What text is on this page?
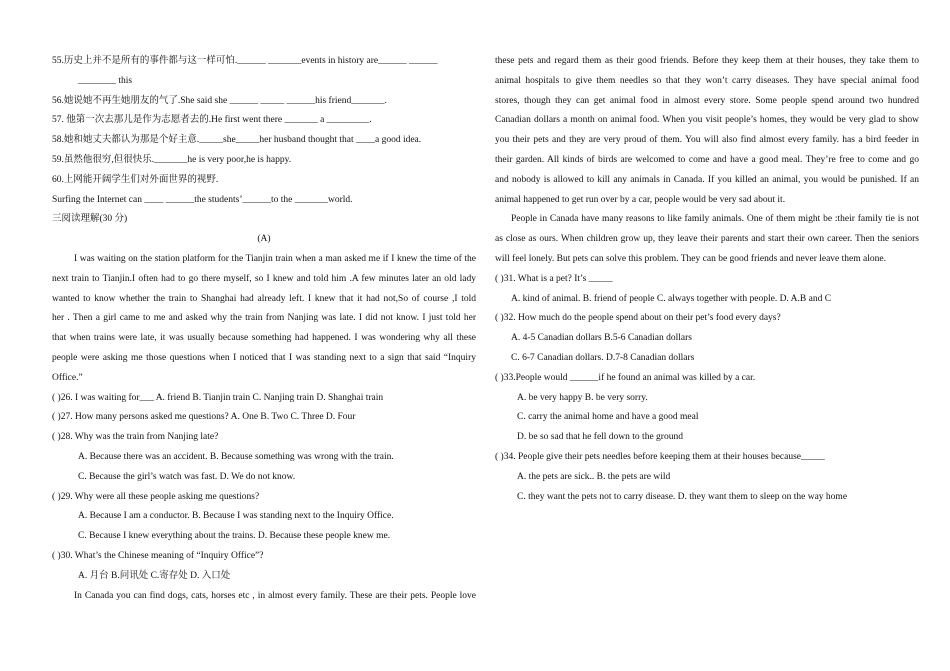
55.历史上并不是所有的事件都与这一样可怕.______ _______events in history are______ ______
________ this
56.她说她不再生她朋友的气了.She said she ______ _____ ______his friend_______.
57. 他第一次去那儿是作为志愿者去的.He first went there _______ a _________.
58.她和她丈夫都认为那是个好主意._____she_____her husband thought that ____a good idea.
59.虽然他很穷,但很快乐._______he is very poor,he is happy.
60.上网能开阔学生们对外面世界的视野.
Surfing the Internet can ____ ______the students’______to the _______world.
三阅读理解(30 分)
(A)
I was waiting on the station platform for the Tianjin train when a man asked me if I knew the time of the
next train to Tianjin.I often had to go there myself, so I knew and told him .A few minutes later an old lady
wanted to know whether the train to Shanghai had already left. I knew that it had not,So of course ,I told
her . Then a girl came to me and asked why the train from Nanjing was late. I did not know. I just told her
that when trains were late, it was usually because something had happened. I was wondering why all these
people were asking me those questions when I noticed that I was standing next to a sign that said “Inquiry
Office.”
( )26. I was waiting for___ A. friend B. Tianjin train C. Nanjing train D. Shanghai train
( )27. How many persons asked me questions? A. One B. Two C. Three D. Four
( )28. Why was the train from Nanjing late?
A. Because there was an accident. B. Because something was wrong with the train.
C. Because the girl’s watch was fast. D. We do not know.
( )29. Why were all these people asking me questions?
A. Because I am a conductor. B. Because I was standing next to the Inquiry Office.
C. Because I knew everything about the trains. D. Because these people knew me.
( )30. What’s the Chinese meaning of “Inquiry Office”?
A. 月台 B.问讯处 C.寄存处 D. 入口处
In Canada you can find dogs, cats, horses etc , in almost every family. These are their pets. People love
these pets and regard them as their good friends. Before they keep them at their houses, they take them to
animal hospitals to give them needles so that they won’t carry diseases. They have special animal food
stores, though they can get animal food in almost every store. Some people spend around two hundred
Canadian dollars a month on animal food. When you visit people’s homes, they would be very glad to show
you their pets and they are very proud of them. You will also find almost every family. has a bird feeder in
their garden. All kinds of birds are welcomed to come and have a good meal. They’re free to come and go
and nobody is allowed to kill any animals in Canada. If you killed an animal, you would be punished. If an
animal happened to get run over by a car, people would be very sad about it.
People in Canada have many reasons to like family animals. One of them might be :their family tie is not
as close as ours. When children grow up, they leave their parents and start their own career. Then the seniors
will feel lonely. But pets can solve this problem. They can be good friends and never leave them alone.
( )31. What is a pet? It’s _____
A. kind of animal. B. friend of people C. always together with people. D. A.B and C
( )32. How much do the people spend about on their pet’s food every days?
A. 4-5 Canadian dollars B.5-6 Canadian dollars
C. 6-7 Canadian dollars. D.7-8 Canadian dollars
( )33.People would ______if he found an animal was killed by a car.
A. be very happy B. be very sorry.
C. carry the animal home and have a good meal
D. be so sad that he fell down to the ground
( )34. People give their pets needles before keeping them at their houses because_____
A. the pets are sick.. B. the pets are wild
C. they want the pets not to carry disease. D. they want them to sleep on the way home
